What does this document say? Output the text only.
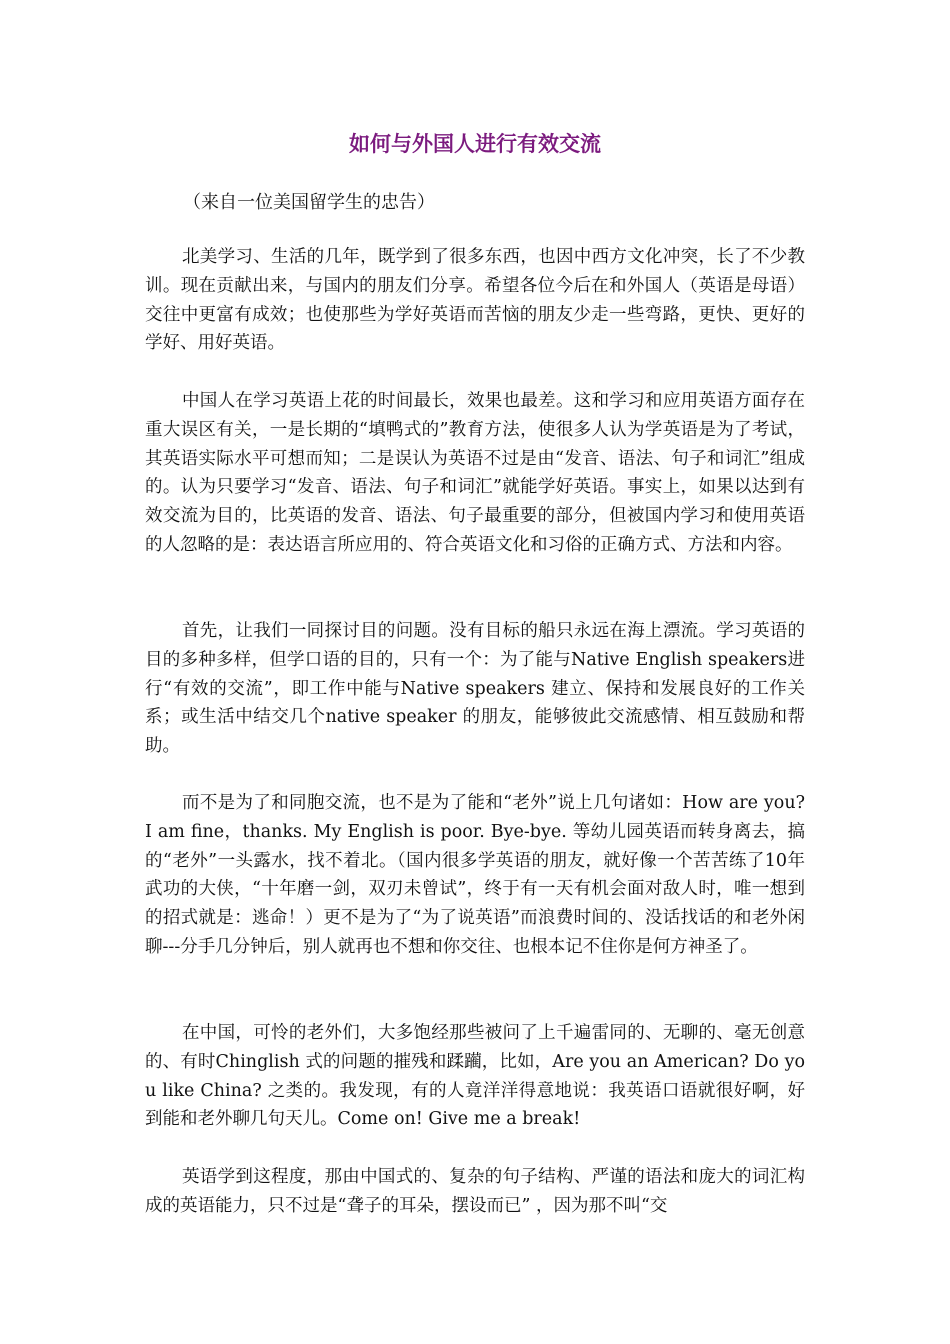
如何与外国人进行有效交流
（来自一位美国留学生的忠告）

北美学习、生活的几年，既学到了很多东西，也因中西方文化冲突，长了不少教训。现在贡献出来，与国内的朋友们分享。希望各位今后在和外国人（英语是母语）交往中更富有成效；也使那些为学好英语而苦恼的朋友少走一些弯路，更快、更好的学好、用好英语。

中国人在学习英语上花的时间最长，效果也最差。这和学习和应用英语方面存在重大误区有关，一是长期的“填鸭式的”教育方法，使很多人认为学英语是为了考试，其英语实际水平可想而知；二是误认为英语不过是由“发音、语法、句子和词汇”组成的。认为只要学习“发音、语法、句子和词汇”就能学好英语。事实上，如果以达到有效交流为目的，比英语的发音、语法、句子最重要的部分，但被国内学习和使用英语的人忽略的是：表达语言所应用的、符合英语文化和习俗的正确方式、方法和内容。

首先，让我们一同探讨目的问题。没有目标的船只永远在海上漂流。学习英语的目的多种多样，但学口语的目的，只有一个：为了能与Native English speakers进行“有效的交流”，即工作中能与Native speakers 建立、保持和发展良好的工作关系；或生活中结交几个native speaker 的朋友，能够彼此交流感情、相互鼓励和帮助。

而不是为了和同胞交流，也不是为了能和“老外”说上几句诸如：How are you? I am fine，thanks. My English is poor. Bye-bye. 等幼儿园英语而转身离去，搞的“老外”一头露水，找不着北。（国内很多学英语的朋友，就好像一个苦苦练了10年武功的大侠，“十年磨一剑，双刃未曾试”，终于有一天有机会面对敌人时，唯一想到的招式就是：逃命！）更不是为了“为了说英语”而浪费时间的、没话找话的和老外闲聊---分手几分钟后，别人就再也不想和你交往、也根本记不住你是何方神圣了。

在中国，可怜的老外们，大多饱经那些被问了上千遍雷同的、无聊的、毫无创意的、有时Chinglish 式的问题的摧残和蹂躏，比如，Are you an American? Do you like China? 之类的。我发现，有的人竟洋洋得意地说：我英语口语就很好啊，好到能和老外聊几句天儿。Come on! Give me a break!

英语学到这程度，那由中国式的、复杂的句子结构、严谨的语法和庞大的词汇构成的英语能力，只不过是“聋子的耳朵，摆设而已” ，因为那不叫“交
